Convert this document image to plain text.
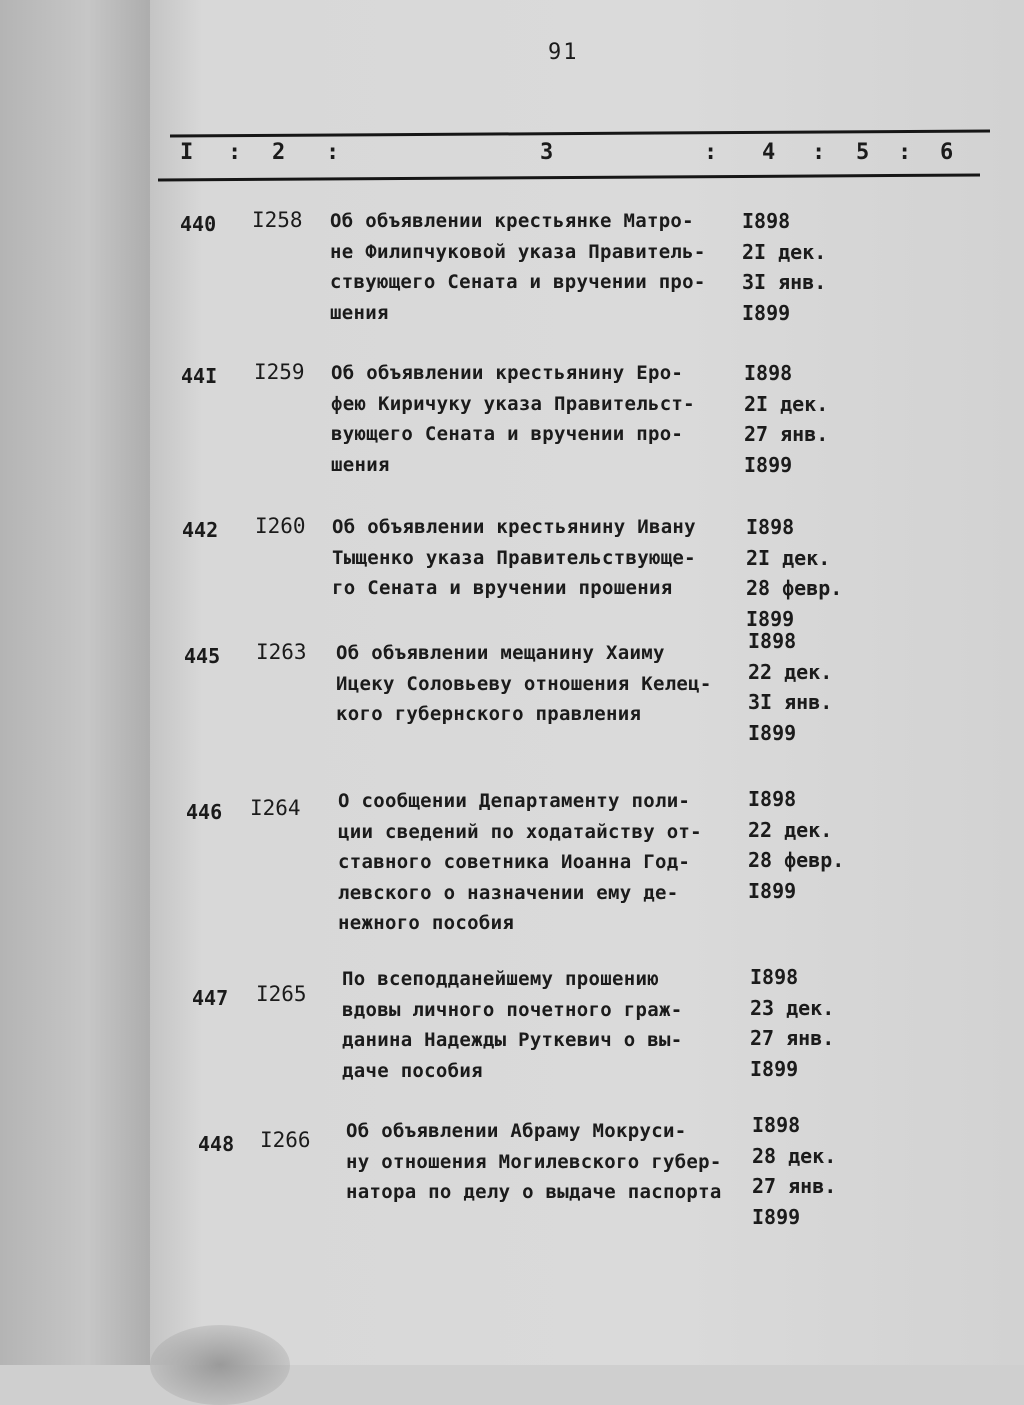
91
I : 2 :	3	: 4 : 5 : 6
440 I258 Об объявлении крестьянке Матро-
не Филипчуковой указа Правитель-
ствующего Сената и вручении про-
шения
I898
2I дек.
3I янв.
I899
44I I259 Об объявлении крестьянину Еро-
фею Киричуку указа Правительст-
вующего Сената и вручении про-
шения
I898
2I дек.
27 янв.
I899
442 I260 Об объявлении крестьянину Ивану
Тыщенко указа Правительствующе-
го Сената и вручении прошения
I898
2I дек.
28 февр.
I899
445 I263 Об объявлении мещанину Хаиму
Ицеку Соловьеву отношения Келец-
кого губернского правления
I898
22 дек.
3I янв.
I899
446 I264 О сообщении Департаменту поли-
ции сведений по ходатайству от-
ставного советника Иоанна Год-
левского о назначении ему де-
нежного пособия
I898
22 дек.
28 февр.
I899
447 I265
По всеподданейшему прошению
вдовы личного почетного граж-
данина Надежды Руткевич о вы-
даче пособия
I898
23 дек.
27 янв.
I899
448 I266 Об объявлении Абраму Мокруси-
ну отношения Могилевского губер-
натора по делу о выдаче паспорта
I898
28 дек.
27 янв.
I899
